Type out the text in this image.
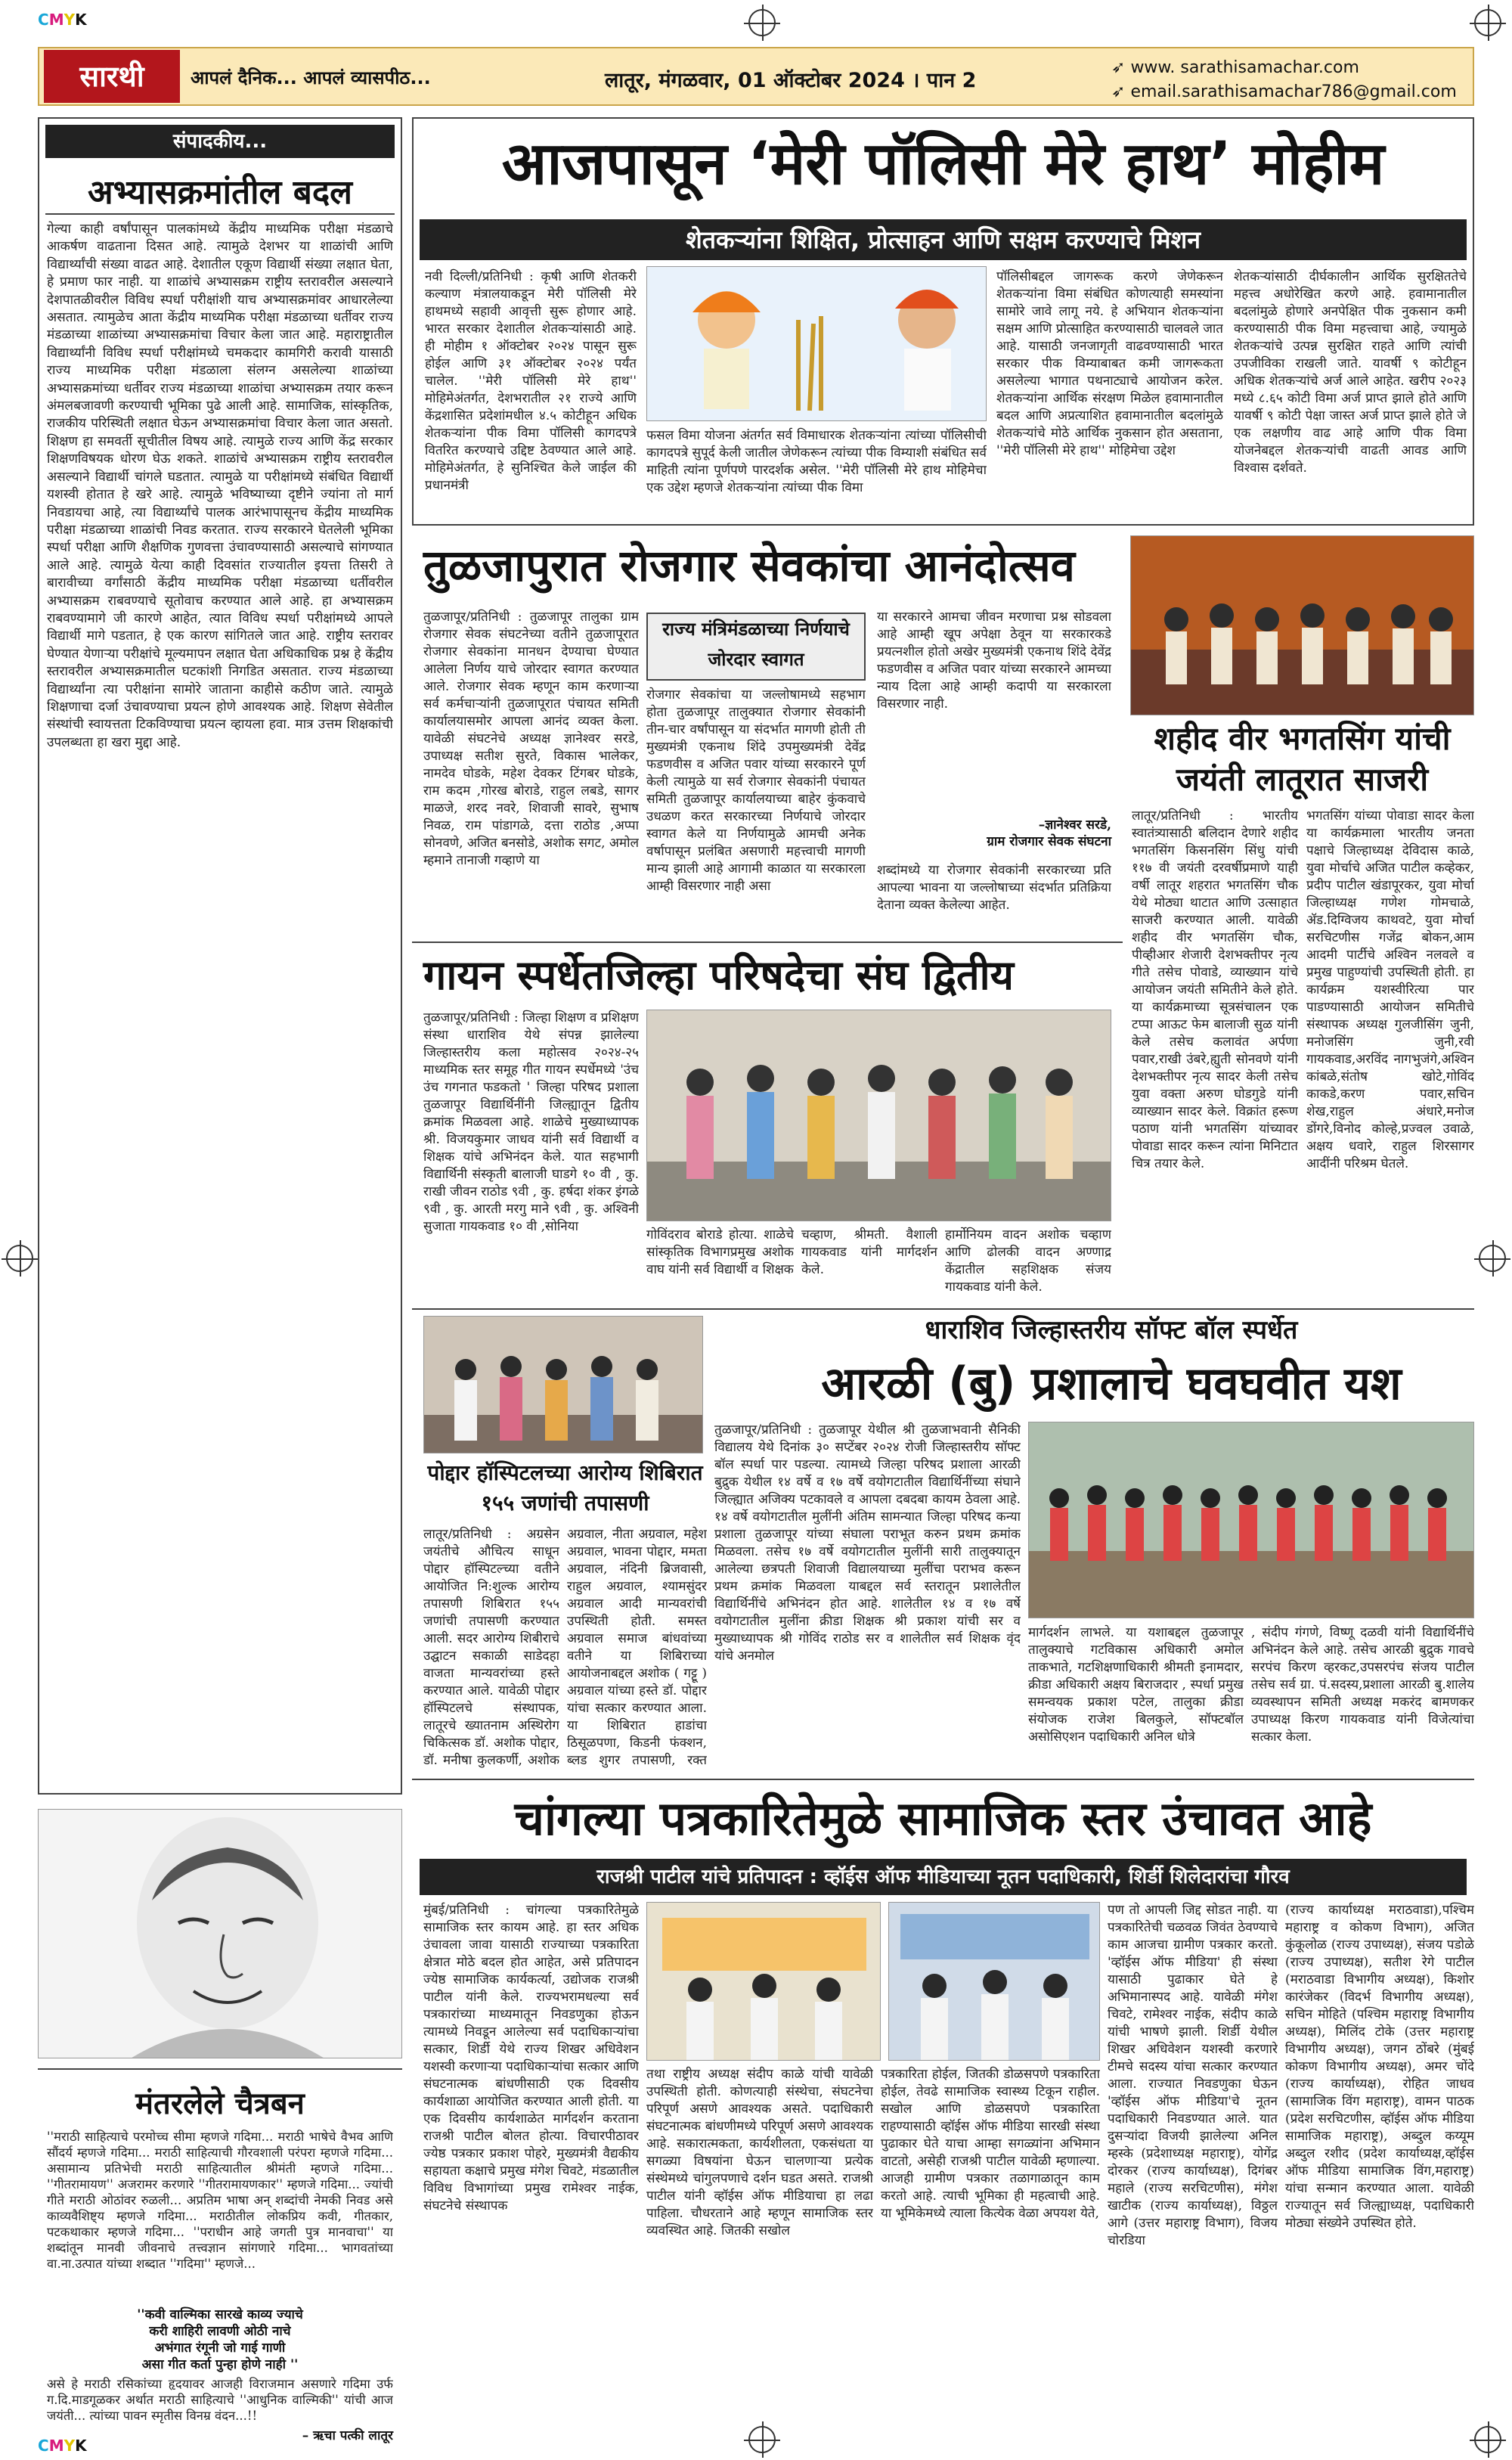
CMYK
CMYK
सारथी	आपलं दैनिक... आपलं व्यासपीठ...	लातूर, मंगळवार, 01 ऑक्टोबर 2024 । पान 2
➶ www. sarathisamachar.com
➶ email.sarathisamachar786@gmail.com
संपादकीय...
अभ्यासक्रमांतील बदल
गेल्या काही वर्षांपासून पालकांमध्ये केंद्रीय माध्यमिक परीक्षा मंडळाचे आकर्षण वाढताना दिसत आहे. त्यामुळे देशभर या शाळांची आणि विद्यार्थ्यांची संख्या वाढत आहे. देशातील एकूण विद्यार्थी संख्या लक्षात घेता, हे प्रमाण फार नाही. या शाळांचे अभ्यासक्रम राष्ट्रीय स्तरावरील असल्याने देशपातळीवरील विविध स्पर्धा परीक्षांशी याच अभ्यासक्रमांवर आधारलेल्या असतात. त्यामुळेच आता केंद्रीय माध्यमिक परीक्षा मंडळाच्या धर्तीवर राज्य मंडळाच्या शाळांच्या अभ्यासक्रमांचा विचार केला जात आहे. महाराष्ट्रातील विद्यार्थ्यांनी विविध स्पर्धा परीक्षांमध्ये चमकदार कामगिरी करावी यासाठी राज्य माध्यमिक परीक्षा मंडळाला संलग्न असलेल्या शाळांच्या अभ्यासक्रमांच्या धर्तीवर राज्य मंडळाच्या शाळांचा अभ्यासक्रम तयार करून अंमलबजावणी करण्याची भूमिका पुढे आली आहे. सामाजिक, सांस्कृतिक, राजकीय परिस्थिती लक्षात घेऊन अभ्यासक्रमांचा विचार केला जात असतो. शिक्षण हा समवर्ती सूचीतील विषय आहे. त्यामुळे राज्य आणि केंद्र सरकार शिक्षणविषयक धोरण घेऊ शकते. शाळांचे अभ्यासक्रम राष्ट्रीय स्तरावरील असल्याने विद्यार्थी चांगले घडतात. त्यामुळे या परीक्षांमध्ये संबंधित विद्यार्थी यशस्वी होतात हे खरे आहे. त्यामुळे भविष्याच्या दृष्टीने ज्यांना तो मार्ग निवडायचा आहे, त्या विद्यार्थ्यांचे पालक आरंभापासूनच केंद्रीय माध्यमिक परीक्षा मंडळाच्या शाळांची निवड करतात. राज्य सरकारने घेतलेली भूमिका स्पर्धा परीक्षा आणि शैक्षणिक गुणवत्ता उंचावण्यासाठी असल्याचे सांगण्यात आले आहे. त्यामुळे येत्या काही दिवसांत राज्यातील इयत्ता तिसरी ते बारावीच्या वर्गांसाठी केंद्रीय माध्यमिक परीक्षा मंडळाच्या धर्तीवरील अभ्यासक्रम राबवण्याचे सूतोवाच करण्यात आले आहे. हा अभ्यासक्रम राबवण्यामागे जी कारणे आहेत, त्यात विविध स्पर्धा परीक्षांमध्ये आपले विद्यार्थी मागे पडतात, हे एक कारण सांगितले जात आहे. राष्ट्रीय स्तरावर घेण्यात येणाऱ्या परीक्षांचे मूल्यमापन लक्षात घेता अधिकाधिक प्रश्न हे केंद्रीय स्तरावरील अभ्यासक्रमातील घटकांशी निगडित असतात. राज्य मंडळाच्या विद्यार्थ्यांना त्या परीक्षांना सामोरे जाताना काहीसे कठीण जाते. त्यामुळे शिक्षणाचा दर्जा उंचावण्याचा प्रयत्न होणे आवश्यक आहे. शिक्षण सेवेतील संस्थांची स्वायत्तता टिकविण्याचा प्रयत्न व्हायला हवा. मात्र उत्तम शिक्षकांची उपलब्धता हा खरा मुद्दा आहे.
मंतरलेले चैत्रबन
''मराठी साहित्याचे परमोच्च सीमा म्हणजे गदिमा... मराठी भाषेचे वैभव आणि सौंदर्य म्हणजे गदिमा... मराठी साहित्याची गौरवशाली परंपरा म्हणजे गदिमा... असामान्य प्रतिभेची मराठी साहित्यातील श्रीमंती म्हणजे गदिमा... ''गीतरामायण'' अजरामर करणारे ''गीतरामायणकार'' म्हणजे गदिमा... ज्यांची गीते मराठी ओठांवर रुळली... अप्रतिम भाषा अन्‌ शब्दांची नेमकी निवड असे काव्यवैशिष्ट्य म्हणजे गदिमा... मराठीतील लोकप्रिय कवी, गीतकार, पटकथाकार म्हणजे गदिमा... ''पराधीन आहे जगती पुत्र मानवाचा'' या शब्दांतून मानवी जीवनाचे तत्त्वज्ञान सांगणारे गदिमा... भागवतांच्या वा.ना.उत्पात यांच्या शब्दात ''गदिमा'' म्हणजे...
''कवी वाल्मिका सारखे काव्य ज्याचे
करी शाहिरी लावणी ओठी नाचे
अभंगात रंगूनी जो गाई गाणी
असा गीत कर्ता पुन्हा होणे नाही ''
असे हे मराठी रसिकांच्या हृदयावर आजही विराजमान असणारे गदिमा उर्फ ग.दि.माडगूळकर अर्थात मराठी साहित्याचे ''आधुनिक वाल्मिकी'' यांची आज जयंती... त्यांच्या पावन स्मृतीस विनम्र वंदन...!!
– ऋचा पत्की लातूर
आजपासून ‘मेरी पॉलिसी मेरे हाथ’ मोहीम
शेतकऱ्यांना शिक्षित, प्रोत्साहन आणि सक्षम करण्याचे मिशन
नवी दिल्ली/प्रतिनिधी : कृषी आणि शेतकरी कल्याण मंत्रालयाकडून मेरी पॉलिसी मेरे हाथमध्ये सहावी आवृत्ती सुरू होणार आहे. भारत सरकार देशातील शेतकऱ्यांसाठी आहे. ही मोहीम १ ऑक्टोबर २०२४ पासून सुरू होईल आणि ३१ ऑक्टोबर २०२४ पर्यंत चालेल. ''मेरी पॉलिसी मेरे हाथ'' मोहिमेअंतर्गत, देशभरातील २१ राज्ये आणि केंद्रशासित प्रदेशांमधील ४.५ कोटीहून अधिक शेतकऱ्यांना पीक विमा पॉलिसी कागदपत्रे वितरित करण्याचे उद्दिष्ट ठेवण्यात आले आहे. मोहिमेअंतर्गत, हे सुनिश्चित केले जाईल की प्रधानमंत्री
फसल विमा योजना अंतर्गत सर्व विमाधारक शेतकऱ्यांना त्यांच्या पॉलिसीची कागदपत्रे सुपूर्द केली जातील जेणेकरून त्यांच्या पीक विम्याशी संबंधित सर्व माहिती त्यांना पूर्णपणे पारदर्शक असेल. ''मेरी पॉलिसी मेरे हाथ मोहिमेचा एक उद्देश म्हणजे शेतकऱ्यांना त्यांच्या पीक विमा
पॉलिसीबद्दल जागरूक करणे जेणेकरून शेतकऱ्यांना विमा संबंधित कोणत्याही समस्यांना सामोरे जावे लागू नये. हे अभियान शेतकऱ्यांना सक्षम आणि प्रोत्साहित करण्यासाठी चालवले जात आहे. यासाठी जनजागृती वाढवण्यासाठी भारत सरकार पीक विम्याबाबत कमी जागरूकता असलेल्या भागात पथनाट्याचे आयोजन करेल. शेतकऱ्यांना आर्थिक संरक्षण मिळेल हवामानातील बदल आणि अप्रत्याशित हवामानातील बदलांमुळे शेतकऱ्यांचे मोठे आर्थिक नुकसान होत असताना, ''मेरी पॉलिसी मेरे हाथ'' मोहिमेचा उद्देश
शेतकऱ्यांसाठी दीर्घकालीन आर्थिक सुरक्षिततेचे महत्त्व अधोरेखित करणे आहे. हवामानातील बदलांमुळे होणारे अनपेक्षित पीक नुकसान कमी करण्यासाठी पीक विमा महत्त्वाचा आहे, ज्यामुळे शेतकऱ्यांचे उत्पन्न सुरक्षित राहते आणि त्यांची उपजीविका राखली जाते. यावर्षी ९ कोटीहून अधिक शेतकऱ्यांचे अर्ज आले आहेत. खरीप २०२३ मध्ये ८.६५ कोटी विमा अर्ज प्राप्त झाले होते आणि यावर्षी ९ कोटी पेक्षा जास्त अर्ज प्राप्त झाले होते जे एक लक्षणीय वाढ आहे आणि पीक विमा योजनेबद्दल शेतकऱ्यांची वाढती आवड आणि विश्वास दर्शवते.
तुळजापुरात रोजगार सेवकांचा आनंदोत्सव
राज्य मंत्रिमंडळाच्या निर्णयाचे जोरदार स्वागत
तुळजापूर/प्रतिनिधी : तुळजापूर तालुका ग्राम रोजगार सेवक संघटनेच्या वतीने तुळजापूरात रोजगार सेवकांना मानधन देण्याचा घेण्यात आलेला निर्णय याचे जोरदार स्वागत करण्यात आले. रोजगार सेवक म्हणून काम करणाऱ्या सर्व कर्मचाऱ्यांनी तुळजापूरात पंचायत समिती कार्यालयासमोर आपला आनंद व्यक्त केला. यावेळी संघटनेचे अध्यक्ष ज्ञानेश्वर सरडे, उपाध्यक्ष सतीश सुरते, विकास भालेकर, नामदेव घोडके, महेश देवकर टिंगबर घोडके, राम कदम ,गोरख बोराडे, राहुल लबडे, सागर माळजे, शरद नवरे, शिवाजी सावरे, सुभाष निवळ, राम पांडागळे, दत्ता राठोड ,अप्पा सोनवणे, अजित बनसोडे, अशोक सगट, अमोल म्हमाने तानाजी गव्हाणे या
रोजगार सेवकांचा या जल्लोषामध्ये सहभाग होता तुळजापूर तालुक्यात रोजगार सेवकांनी तीन-चार वर्षांपासून या संदर्भात मागणी होती ती मुख्यमंत्री एकनाथ शिंदे उपमुख्यमंत्री देवेंद्र फडणवीस व अजित पवार यांच्या सरकारने पूर्ण केली त्यामुळे या सर्व रोजगार सेवकांनी पंचायत समिती तुळजापूर कार्यालयाच्या बाहेर कुंकवाचे उधळण करत सरकारच्या निर्णयाचे जोरदार स्वागत केले या निर्णयामुळे आमची अनेक वर्षापासून प्रलंबित असणारी महत्त्वाची मागणी मान्य झाली आहे आगामी काळात या सरकारला आम्ही विसरणार नाही असा
या सरकारने आमचा जीवन मरणाचा प्रश्न सोडवला आहे आम्ही खूप अपेक्षा ठेवून या सरकारकडे प्रयत्नशील होतो अखेर मुख्यमंत्री एकनाथ शिंदे देवेंद्र फडणवीस व अजित पवार यांच्या सरकारने आमच्या न्याय दिला आहे आम्ही कदापी या सरकारला विसरणार नाही.
–ज्ञानेश्वर सरडे,
ग्राम रोजगार सेवक संघटना
शब्दांमध्ये या रोजगार सेवकांनी सरकारच्या प्रति आपल्या भावना या जल्लोषाच्या संदर्भात प्रतिक्रिया देताना व्यक्त केलेल्या आहेत.
शहीद वीर भगतसिंग यांची जयंती लातूरात साजरी
लातूर/प्रतिनिधी : भारतीय स्वातंत्र्यासाठी बलिदान देणारे शहीद भगतसिंग किसनसिंग सिंधु यांची ११७ वी जयंती दरवर्षीप्रमाणे याही वर्षी लातूर शहरात भगतसिंग चौक येथे मोठ्या थाटात आणि उत्साहात साजरी करण्यात आली. यावेळी शहीद वीर भगतसिंग चौक, पीव्हीआर शेजारी देशभक्तीपर नृत्य गीते तसेच पोवाडे, व्याख्यान यांचे आयोजन जयंती समितीने केले होते. या कार्यक्रमाच्या सूत्रसंचालन एक टप्पा आऊट फेम बालाजी सुळ यांनी केले तसेच कलावंत अर्पणा पवार,राखी उंबरे,ह्युती सोनवणे यांनी देशभक्तीपर नृत्य सादर केली तसेच युवा वक्ता अरुण घोडगुडे यांनी व्याख्यान सादर केले. विक्रांत हरूण पठाण यांनी भगतसिंग यांच्यावर पोवाडा सादर करून त्यांना मिनिटात चित्र तयार केले.
भगतसिंग यांच्या पोवाडा सादर केला या कार्यक्रमाला भारतीय जनता पक्षाचे जिल्हाध्यक्ष देविदास काळे, युवा मोर्चाचे अजित पाटील कव्हेकर, प्रदीप पाटील खंडापूरकर, युवा मोर्चा जिल्हाध्यक्ष गणेश गोमचाळे, ॲड.दिग्विजय काथवटे, युवा मोर्चा सरचिटणीस गजेंद्र बोकन,आम आदमी पार्टीचे अश्विन नलवले व प्रमुख पाहुण्यांची उपस्थिती होती. हा कार्यक्रम यशस्वीरित्या पार पाडण्यासाठी आयोजन समितीचे संस्थापक अध्यक्ष गुलजीसिंग जुनी, मनोजसिंग जुनी,रवी गायकवाड,अरविंद नागभुजंगे,अश्विन कांबळे,संतोष खोटे,गोविंद काकडे,करण पवार,सचिन शेख,राहुल अंधारे,मनोज डोंगरे,विनोद कोल्हे,प्रज्वल उवाळे, अक्षय धवारे, राहुल शिरसागर आदींनी परिश्रम घेतले.
गायन स्पर्धेतजिल्हा परिषदेचा संघ द्वितीय
तुळजापूर/प्रतिनिधी : जिल्हा शिक्षण व प्रशिक्षण संस्था धाराशिव येथे संपन्न झालेल्या जिल्हास्तरीय कला महोत्सव २०२४-२५ माध्यमिक स्तर समूह गीत गायन स्पर्धेमध्ये 'उंच उंच गगनात फडकतो ' जिल्हा परिषद प्रशाला तुळजापूर विद्यार्थिनींनी जिल्ह्यातून द्वितीय क्रमांक मिळवला आहे. शाळेचे मुख्याध्यापक श्री. विजयकुमार जाधव यांनी सर्व विद्यार्थी व शिक्षक यांचे अभिनंदन केले. यात सहभागी विद्यार्थिनी संस्कृती बालाजी घाडगे १० वी , कु. राखी जीवन राठोड ९वी , कु. हर्षदा शंकर इंगळे ९वी , कु. आरती मरगु माने ९वी , कु. अश्विनी सुजाता गायकवाड १० वी ,सोनिया
गोविंदराव बोराडे होत्या. शाळेचे सांस्कृतिक विभागप्रमुख अशोक वाघ यांनी सर्व विद्यार्थी व शिक्षक
चव्हाण, श्रीमती. वैशाली गायकवाड यांनी मार्गदर्शन केले.
हार्मोनियम वादन अशोक चव्हाण आणि ढोलकी वादन अण्णाद्र केंद्रातील सहशिक्षक संजय गायकवाड यांनी केले.
धाराशिव जिल्हास्तरीय सॉफ्ट बॉल स्पर्धेत
आरळी (बु) प्रशालाचे घवघवीत यश
तुळजापूर/प्रतिनिधी : तुळजापूर येथील श्री तुळजाभवानी सैनिकी विद्यालय येथे दिनांक ३० सप्टेंबर २०२४ रोजी जिल्हास्तरीय सॉफ्ट बॉल स्पर्धा पार पडल्या. त्यामध्ये जिल्हा परिषद प्रशाला आरळी बुद्रुक येथील १४ वर्षे व १७ वर्षे वयोगटातील विद्यार्थिनींच्या संघाने जिल्ह्यात अजिक्य पटकावले व आपला दबदबा कायम ठेवला आहे. १४ वर्षे वयोगटातील मुलींनी अंतिम सामन्यात जिल्हा परिषद कन्या प्रशाला तुळजापूर यांच्या संघाला पराभूत करुन प्रथम क्रमांक मिळवला. तसेच १७ वर्षे वयोगटातील मुलींनी सारी तालुक्यातून आलेल्या छत्रपती शिवाजी विद्यालयाच्या मुलींचा पराभव करून प्रथम क्रमांक मिळवला याबद्दल सर्व स्तरातून प्रशालेतील विद्यार्थिनींचे अभिनंदन होत आहे. शालेतील १४ व १७ वर्षे वयोगटातील मुलींना क्रीडा शिक्षक श्री प्रकाश यांची सर व मुख्याध्यापक श्री गोविंद राठोड सर व शालेतील सर्व शिक्षक वृंद यांचे अनमोल
मार्गदर्शन लाभले. या यशाबद्दल तुळजापूर तालुक्याचे गटविकास अधिकारी अमोल ताकभाते, गटशिक्षणाधिकारी श्रीमती इनामदार, क्रीडा अधिकारी अक्षय बिराजदार , स्पर्धा प्रमुख समन्वयक प्रकाश पटेल, तालुका क्रीडा संयोजक राजेश बिलकुले, सॉफ्टबॉल असोसिएशन पदाधिकारी अनिल धोत्रे
, संदीप गंगणे, विष्णू दळवी यांनी विद्यार्थिनींचे अभिनंदन केले आहे. तसेच आरळी बुद्रुक गावचे सरपंच किरण व्हरकट,उपसरपंच संजय पाटील तसेच सर्व ग्रा. पं.सदस्य,प्रशाला आरळी बु.शालेय व्यवस्थापन समिती अध्यक्ष मकरंद बामणकर उपाध्यक्ष किरण गायकवाड यांनी विजेत्यांचा सत्कार केला.
पोद्दार हॉस्पिटलच्या आरोग्य शिबिरात १५५ जणांची तपासणी
लातूर/प्रतिनिधी : अग्रसेन जयंतीचे औचित्य साधून पोद्दार हॉस्पिटल्च्या वतीने आयोजित नि:शुल्क आरोग्य तपासणी शिबिरात १५५ जणांची तपासणी करण्यात आली. सदर आरोग्य शिबीराचे उद्घाटन सकाळी साडेदहा वाजता मान्यवरांच्या हस्ते करण्यात आले. यावेळी पोद्दार हॉस्पिटलचे संस्थापक, लातूरचे ख्यातनाम अस्थिरोग चिकित्सक डॉ. अशोक पोद्दार, डॉ. मनीषा कुलकर्णी, अशोक
अग्रवाल, नीता अग्रवाल, महेश अग्रवाल, भावना पोद्दार, ममता अग्रवाल, नंदिनी ब्रिजवासी, राहुल अग्रवाल, श्यामसुंदर अग्रवाल आदी मान्यवरांची उपस्थिती होती. समस्त अग्रवाल समाज बांधवांच्या वतीने या शिबिराच्या आयोजनाबद्दल अशोक ( गट्टू ) अग्रवाल यांच्या हस्ते डॉ. पोद्दार यांचा सत्कार करण्यात आला. या शिबिरात हाडांचा ठिसूळपणा, किडनी फंक्शन, ब्लड शुगर तपासणी, रक्त
चांगल्या पत्रकारितेमुळे सामाजिक स्तर उंचावत आहे
राजश्री पाटील यांचे प्रतिपादन : व्हॉईस ऑफ मीडियाच्या नूतन पदाधिकारी, शिर्डी शिलेदारांचा गौरव
मुंबई/प्रतिनिधी : चांगल्या पत्रकारितेमुळे सामाजिक स्तर कायम आहे. हा स्तर अधिक उंचावला जावा यासाठी राज्याच्या पत्रकारिता क्षेत्रात मोठे बदल होत आहेत, असे प्रतिपादन ज्येष्ठ सामाजिक कार्यकर्त्या, उद्योजक राजश्री पाटील यांनी केले. राज्यभरामधल्या सर्व पत्रकारांच्या माध्यमातून निवडणुका होऊन त्यामध्ये निवडून आलेल्या सर्व पदाधिकाऱ्यांचा सत्कार, शिर्डी येथे राज्य शिखर अधिवेशन यशस्वी करणाऱ्या पदाधिकाऱ्यांचा सत्कार आणि संघटनात्मक बांधणीसाठी एक दिवसीय कार्यशाळा आयोजित करण्यात आली होती. या एक दिवसीय कार्यशाळेत मार्गदर्शन करताना राजश्री पाटील बोलत होत्या. विचारपीठावर ज्येष्ठ पत्रकार प्रकाश पोहरे, मुख्यमंत्री वैद्यकीय सहायता कक्षाचे प्रमुख मंगेश चिवटे, मंडळातील विविध विभागांच्या प्रमुख रामेश्वर नाईक, संघटनेचे संस्थापक
तथा राष्ट्रीय अध्यक्ष संदीप काळे यांची यावेळी उपस्थिती होती. कोणत्याही संस्थेचा, संघटनेचा परिपूर्ण असणे आवश्यक असते. पदाधिकारी संघटनात्मक बांधणीमध्ये परिपूर्ण असणे आवश्यक आहे. सकारात्मकता, कार्यशीलता, एकसंधता या सगळ्या विषयांना घेऊन चालणाऱ्या प्रत्येक संस्थेमध्ये चांगुलपणाचे दर्शन घडत असते. राजश्री पाटील यांनी व्हॉईस ऑफ मीडियाचा हा लढा पाहिला. चौधरताने आहे म्हणून सामाजिक स्तर व्यवस्थित आहे. जितकी सखोल
पत्रकारिता होईल, जितकी डोळसपणे पत्रकारिता होईल, तेवढे सामाजिक स्वास्थ्य टिकून राहील. सखोल आणि डोळसपणे पत्रकारिता राहण्यासाठी व्हॉईस ऑफ मीडिया सारखी संस्था पुढाकार घेते याचा आम्हा सगळ्यांना अभिमान वाटतो, असेही राजश्री पाटील यावेळी म्हणाल्या. आजही ग्रामीण पत्रकार तळागाळातून काम करतो आहे. त्याची भूमिका ही महत्वाची आहे. या भूमिकेमध्ये त्याला कित्येक वेळा अपयश येते,
पण तो आपली जिद्द सोडत नाही. या पत्रकारितेची चळवळ जिवंत ठेवण्याचे काम आजचा ग्रामीण पत्रकार करतो. 'व्हॉईस ऑफ मीडिया' ही संस्था यासाठी पुढाकार घेते हे अभिमानास्पद आहे. यावेळी मंगेश चिवटे, रामेश्वर नाईक, संदीप काळे यांची भाषणे झाली. शिर्डी येथील शिखर अधिवेशन यशस्वी करणारे टीमचे सदस्य यांचा सत्कार करण्यात आला. राज्यात निवडणुका घेऊन 'व्हॉईस ऑफ मीडिया'चे नूतन पदाधिकारी निवडण्यात आले. यात दुसऱ्यांदा विजयी झालेल्या अनिल म्हस्के (प्रदेशाध्यक्ष महाराष्ट्र), योगेंद्र दोरकर (राज्य कार्याध्यक्ष), दिगंबर महाले (राज्य सरचिटणीस), मंगेश खाटीक (राज्य कार्याध्यक्ष), विठ्ठल आगे (उत्तर महाराष्ट्र विभाग), विजय चोरडिया
(राज्य कार्याध्यक्ष मराठवाडा),पश्चिम महाराष्ट्र व कोकण विभाग), अजित कुंकूलोळ (राज्य उपाध्यक्ष), संजय पडोळे (राज्य उपाध्यक्ष), सतीश रेगे पाटील (मराठवाडा विभागीय अध्यक्ष), किशोर कारंजेकर (विदर्भ विभागीय अध्यक्ष), सचिन मोहिते (पश्चिम महाराष्ट्र विभागीय अध्यक्ष), मिलिंद टोके (उत्तर महाराष्ट्र विभागीय अध्यक्ष), जगन ठोंबरे (मुंबई कोकण विभागीय अध्यक्ष), अमर चोंदे (राज्य कार्याध्यक्ष), रोहित जाधव (सामाजिक विंग महाराष्ट्र), वामन पाठक (प्रदेश सरचिटणीस, व्हॉईस ऑफ मीडिया सामाजिक महाराष्ट्र), अब्दुल कय्यूम अब्दुल रशीद (प्रदेश कार्याध्यक्ष,व्हॉईस ऑफ मीडिया सामाजिक विंग,महाराष्ट्र) यांचा सन्मान करण्यात आला. यावेळी राज्यातून सर्व जिल्ह्याध्यक्ष, पदाधिकारी मोठ्या संख्येने उपस्थित होते.
